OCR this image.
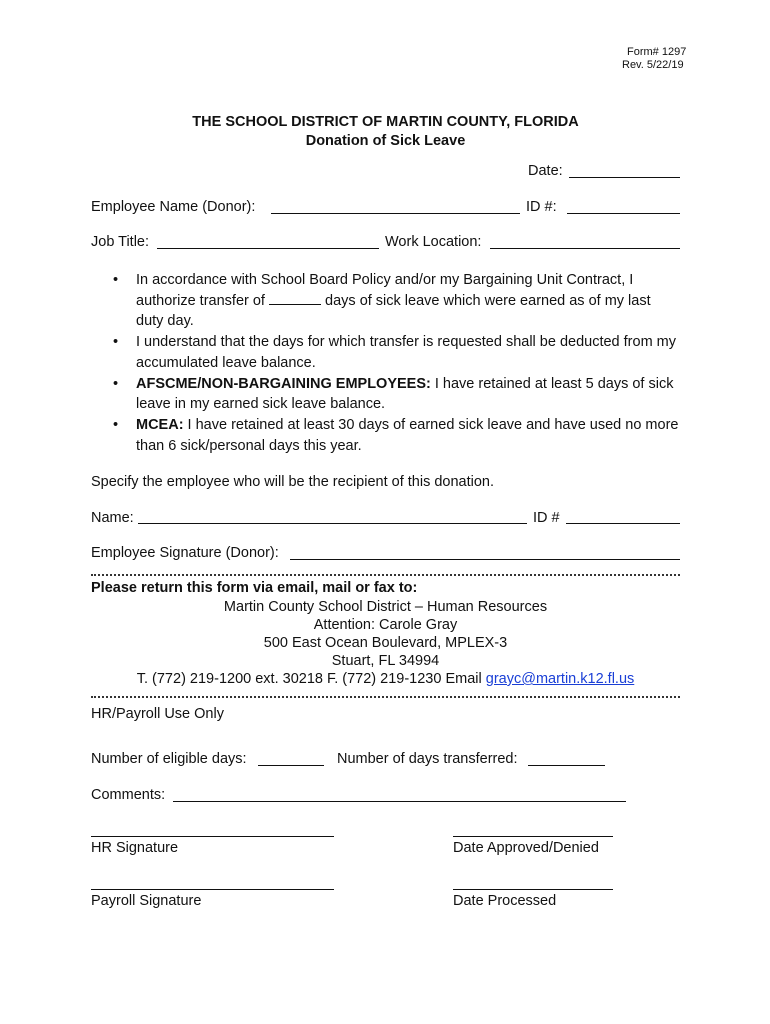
Form# 1297
Rev. 5/22/19
THE SCHOOL DISTRICT OF MARTIN COUNTY, FLORIDA
Donation of Sick Leave
Date:
Employee Name (Donor):	ID #:
Job Title:	Work Location:
• In accordance with School Board Policy and/or my Bargaining Unit Contract, I authorize transfer of	days of sick leave which were earned as of my last duty day.
• I understand that the days for which transfer is requested shall be deducted from my accumulated leave balance.
• AFSCME/NON-BARGAINING EMPLOYEES: I have retained at least 5 days of sick leave in my earned sick leave balance.
• MCEA: I have retained at least 30 days of earned sick leave and have used no more than 6 sick/personal days this year.
Specify the employee who will be the recipient of this donation.
Name:	ID #
Employee Signature (Donor):
Please return this form via email, mail or fax to:
Martin County School District – Human Resources
Attention: Carole Gray
500 East Ocean Boulevard, MPLEX-3
Stuart, FL 34994
T. (772) 219-1200 ext. 30218 F. (772) 219-1230 Email grayc@martin.k12.fl.us
HR/Payroll Use Only
Number of eligible days:	Number of days transferred:
Comments:
HR Signature	Date Approved/Denied
Payroll Signature	Date Processed
